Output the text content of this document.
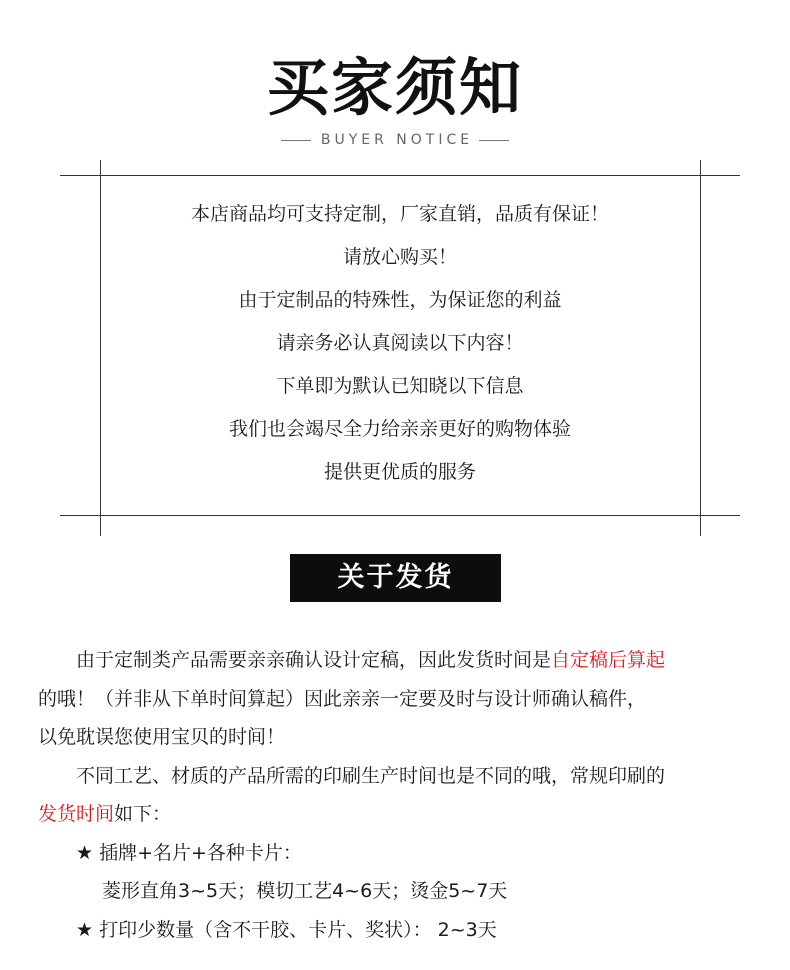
买家须知
BUYER NOTICE
本店商品均可支持定制，厂家直销，品质有保证！
请放心购买！
由于定制品的特殊性，为保证您的利益
请亲务必认真阅读以下内容！
下单即为默认已知晓以下信息
我们也会竭尽全力给亲亲更好的购物体验
提供更优质的服务
关于发货
由于定制类产品需要亲亲确认设计定稿，因此发货时间是自定稿后算起
的哦！（并非从下单时间算起）因此亲亲一定要及时与设计师确认稿件，
以免耽误您使用宝贝的时间！
不同工艺、材质的产品所需的印刷生产时间也是不同的哦，常规印刷的
发货时间如下：
★ 插牌+名片+各种卡片：
菱形直角3~5天；模切工艺4~6天；烫金5~7天
★ 打印少数量（含不干胶、卡片、奖状）： 2~3天
